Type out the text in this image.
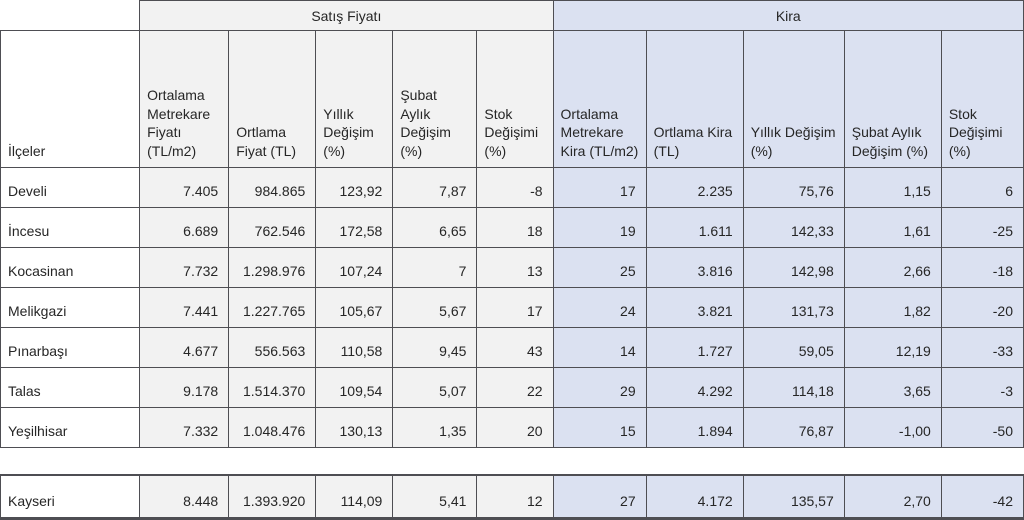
	Satış Fiyatı					Kira				
İlçeler	Ortalama Metrekare Fiyatı (TL/m2)	Ortlama Fiyat (TL)	Yıllık Değişim (%)	Şubat Aylık Değişim (%)	Stok Değişimi (%)	Ortalama Metrekare Kira (TL/m2)	Ortlama Kira (TL)	Yıllık Değişim (%)	Şubat Aylık Değişim (%)	Stok Değişimi (%)
Develi	7.405	984.865	123,92	7,87	-8	17	2.235	75,76	1,15	6
İncesu	6.689	762.546	172,58	6,65	18	19	1.611	142,33	1,61	-25
Kocasinan	7.732	1.298.976	107,24	7	13	25	3.816	142,98	2,66	-18
Melikgazi	7.441	1.227.765	105,67	5,67	17	24	3.821	131,73	1,82	-20
Pınarbaşı	4.677	556.563	110,58	9,45	43	14	1.727	59,05	12,19	-33
Talas	9.178	1.514.370	109,54	5,07	22	29	4.292	114,18	3,65	-3
Yeşilhisar	7.332	1.048.476	130,13	1,35	20	15	1.894	76,87	-1,00	-50

Kayseri	8.448	1.393.920	114,09	5,41	12	27	4.172	135,57	2,70	-42
